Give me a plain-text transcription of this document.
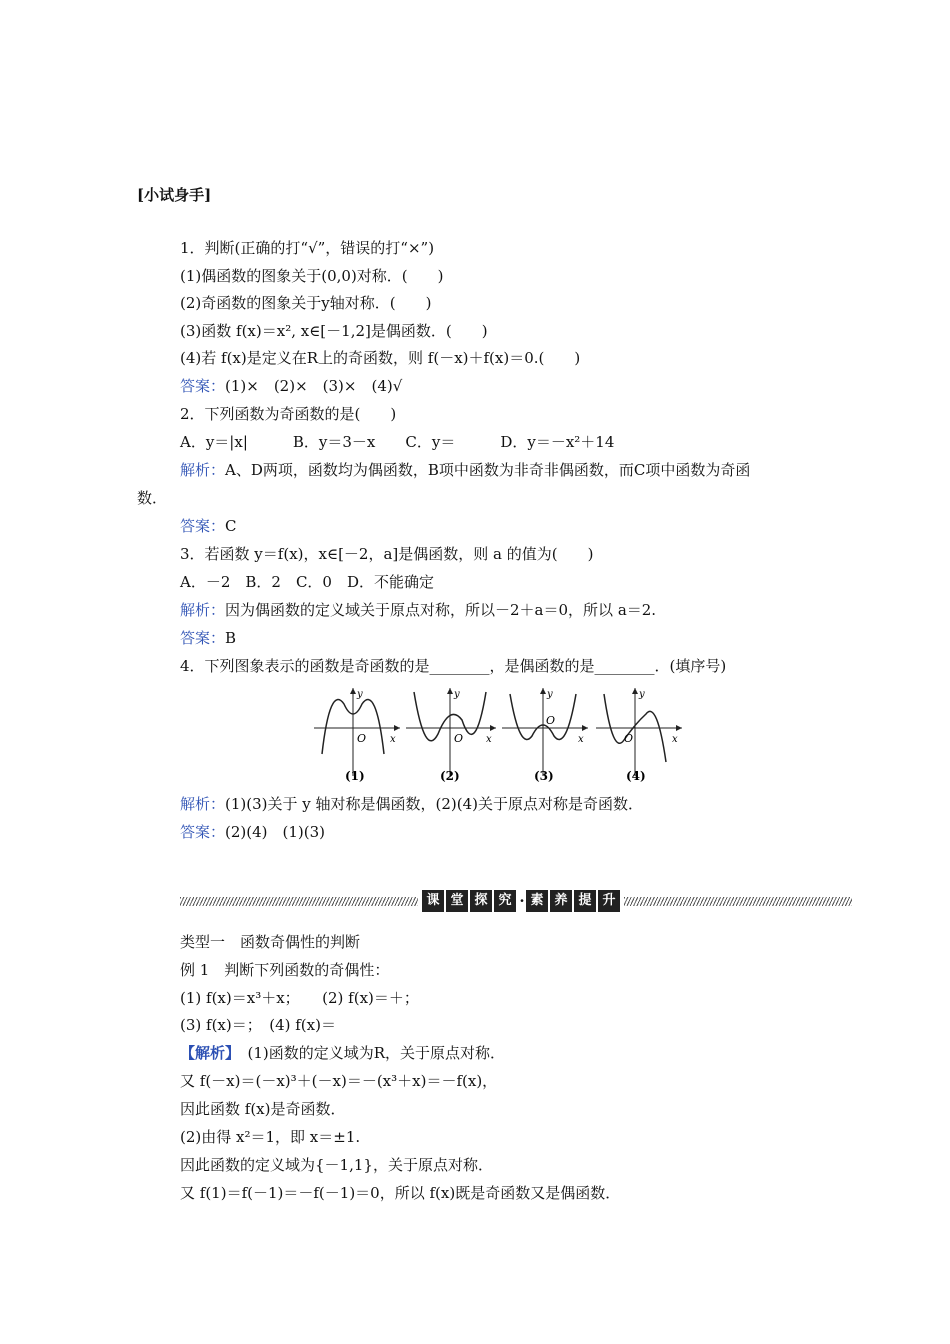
[小试身手]
1．判断(正确的打“√”，错误的打“×”)
(1)偶函数的图象关于(0,0)对称．(　　)
(2)奇函数的图象关于y轴对称．(　　)
(3)函数 f(x)＝x², x∈[－1,2]是偶函数．(　　)
(4)若 f(x)是定义在R上的奇函数，则 f(－x)＋f(x)＝0.(　　)
答案：(1)×　(2)×　(3)×　(4)√
2．下列函数为奇函数的是(　　)
A．y＝|x|　　　B．y＝3－x　　C．y＝　　　D．y＝－x²＋14
解析：A、D两项，函数均为偶函数，B项中函数为非奇非偶函数，而C项中函数为奇函
数．
答案：C
3．若函数 y＝f(x)，x∈[－2，a]是偶函数，则 a 的值为(　　)
A．－2　B．2　C．0　D．不能确定
解析：因为偶函数的定义域关于原点对称，所以－2＋a＝0，所以 a＝2.
答案：B
4．下列图象表示的函数是奇函数的是________，是偶函数的是________．(填序号)
y
x
O
(1)
y
x
O
(2)
y
x
O
(3)
y
x
O
(4)
解析：(1)(3)关于 y 轴对称是偶函数，(2)(4)关于原点对称是奇函数．
答案：(2)(4)　(1)(3)
课 堂 探 究 · 素 养 提 升
类型一　函数奇偶性的判断
例 1　判断下列函数的奇偶性：
(1) f(x)＝x³＋x；　　(2) f(x)＝＋；
(3) f(x)＝；　(4) f(x)＝
【解析】　(1)函数的定义域为R，关于原点对称．
又 f(－x)＝(－x)³＋(－x)＝－(x³＋x)＝－f(x)，
因此函数 f(x)是奇函数．
(2)由得 x²＝1，即 x＝±1.
因此函数的定义域为{－1,1}，关于原点对称．
又 f(1)＝f(－1)＝－f(－1)＝0，所以 f(x)既是奇函数又是偶函数．
